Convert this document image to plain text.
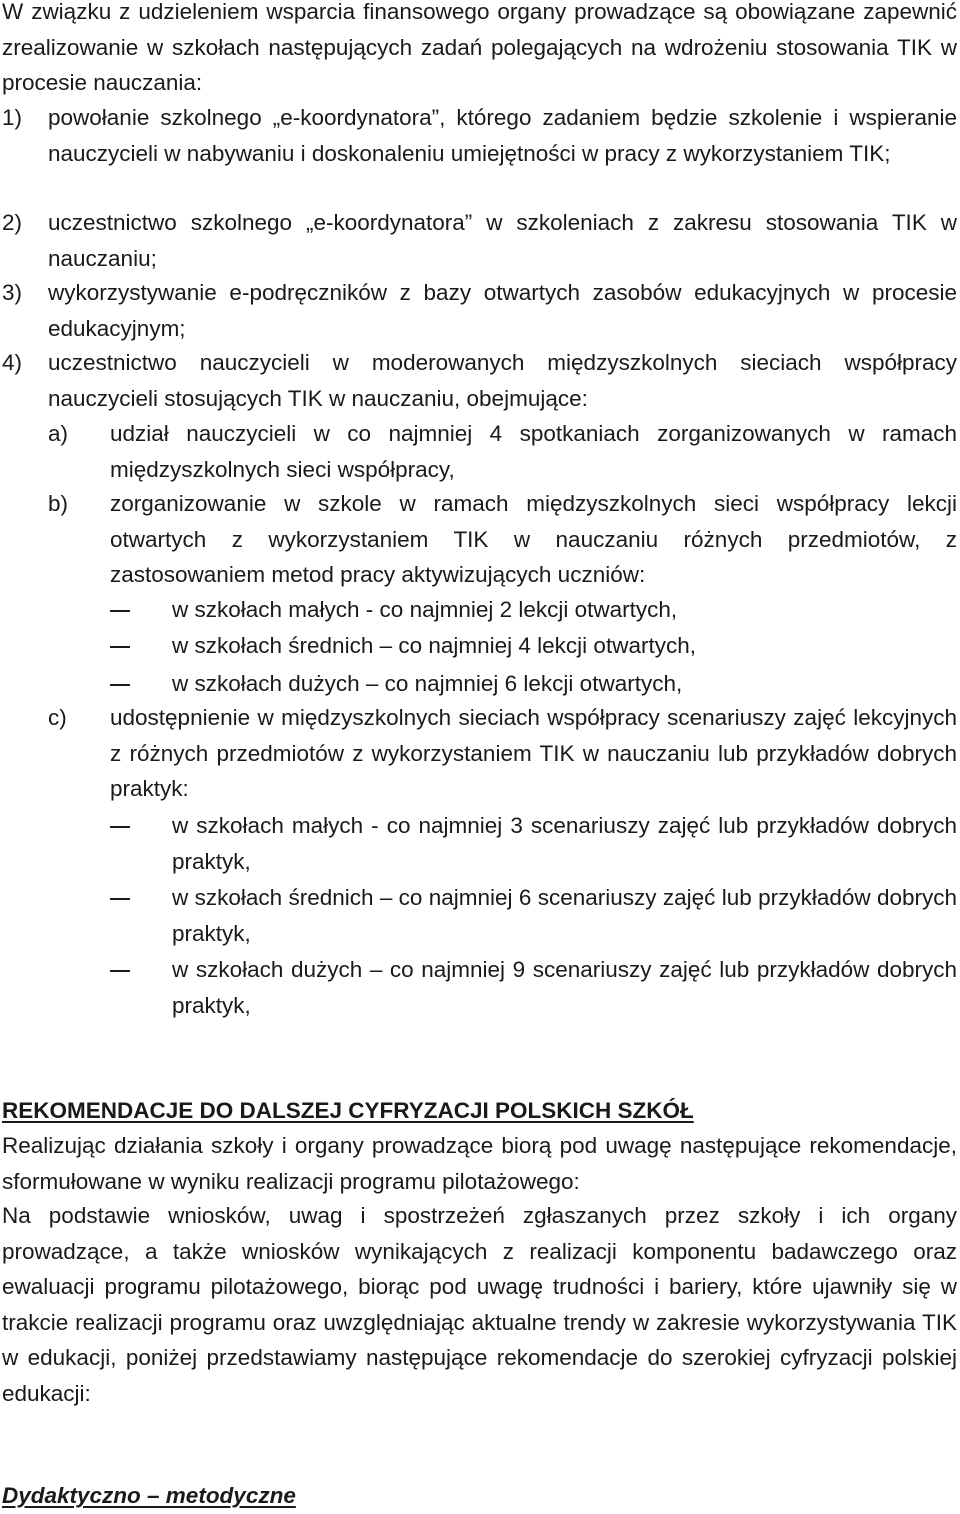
W związku z udzieleniem wsparcia finansowego organy prowadzące są obowiązane zapewnić zrealizowanie w szkołach następujących zadań polegających na wdrożeniu stosowania TIK w procesie nauczania:

1) powołanie szkolnego „e-koordynatora”, którego zadaniem będzie szkolenie i wspieranie nauczycieli w nabywaniu i doskonaleniu umiejętności w pracy z wykorzystaniem TIK;

2) uczestnictwo szkolnego „e-koordynatora” w szkoleniach z zakresu stosowania TIK w nauczaniu;

3) wykorzystywanie e-podręczników z bazy otwartych zasobów edukacyjnych w procesie edukacyjnym;

4) uczestnictwo nauczycieli w moderowanych międzyszkolnych sieciach współpracy nauczycieli stosujących TIK w nauczaniu, obejmujące:

a) udział nauczycieli w co najmniej 4 spotkaniach zorganizowanych w ramach międzyszkolnych sieci współpracy,

b) zorganizowanie w szkole w ramach międzyszkolnych sieci współpracy lekcji otwartych z wykorzystaniem TIK w nauczaniu różnych przedmiotów, z zastosowaniem metod pracy aktywizujących uczniów:

w szkołach małych - co najmniej 2 lekcji otwartych,

w szkołach średnich – co najmniej 4 lekcji otwartych,

w szkołach dużych – co najmniej 6 lekcji otwartych,

c) udostępnienie w międzyszkolnych sieciach współpracy scenariuszy zajęć lekcyjnych z różnych przedmiotów z wykorzystaniem TIK w nauczaniu lub przykładów dobrych praktyk:

w szkołach małych - co najmniej 3 scenariuszy zajęć lub przykładów dobrych praktyk,

w szkołach średnich – co najmniej 6 scenariuszy zajęć lub przykładów dobrych praktyk,

w szkołach dużych – co najmniej 9 scenariuszy zajęć lub przykładów dobrych praktyk,

REKOMENDACJE DO DALSZEJ CYFRYZACJI POLSKICH SZKÓŁ

Realizując działania szkoły i organy prowadzące biorą pod uwagę następujące rekomendacje, sformułowane w wyniku realizacji programu pilotażowego:

Na podstawie wniosków, uwag i spostrzeżeń zgłaszanych przez szkoły i ich organy prowadzące, a także wniosków wynikających z realizacji komponentu badawczego oraz ewaluacji programu pilotażowego, biorąc pod uwagę trudności i bariery, które ujawniły się w trakcie realizacji programu oraz uwzględniając aktualne trendy w zakresie wykorzystywania TIK w edukacji, poniżej przedstawiamy następujące rekomendacje do szerokiej cyfryzacji polskiej edukacji:

Dydaktyczno – metodyczne
